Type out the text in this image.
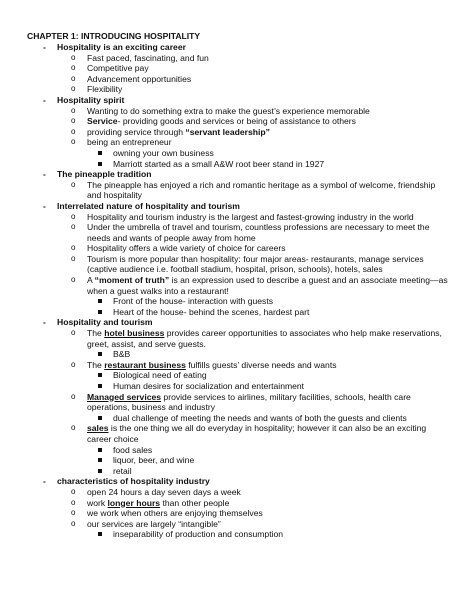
CHAPTER 1: INTRODUCING HOSPITALITY
- Hospitality is an exciting career
o Fast paced, fascinating, and fun
o Competitive pay
o Advancement opportunities
o Flexibility
- Hospitality spirit
o Wanting to do something extra to make the guest’s experience memorable
o Service- providing goods and services or being of assistance to others
o providing service through “servant leadership”
o being an entrepreneur
owning your own business
Marriott started as a small A&W root beer stand in 1927
- The pineapple tradition
o The pineapple has enjoyed a rich and romantic heritage as a symbol of welcome, friendship and hospitality
- Interrelated nature of hospitality and tourism
o Hospitality and tourism industry is the largest and fastest-growing industry in the world
o Under the umbrella of travel and tourism, countless professions are necessary to meet the needs and wants of people away from home
o Hospitality offers a wide variety of choice for careers
o Tourism is more popular than hospitality: four major areas- restaurants, manage services (captive audience i.e. football stadium, hospital, prison, schools), hotels, sales
o A “moment of truth” is an expression used to describe a guest and an associate meeting—as when a guest walks into a restaurant!
Front of the house- interaction with guests
Heart of the house- behind the scenes, hardest part
- Hospitality and tourism
o The hotel business provides career opportunities to associates who help make reservations, greet, assist, and serve guests.
B&B
o The restaurant business fulfills guests’ diverse needs and wants
Biological need of eating
Human desires for socialization and entertainment
o Managed services provide services to airlines, military facilities, schools, health care operations, business and industry
dual challenge of meeting the needs and wants of both the guests and clients
o sales is the one thing we all do everyday in hospitality; however it can also be an exciting career choice
food sales
liquor, beer, and wine
retail
- characteristics of hospitality industry
o open 24 hours a day seven days a week
o work longer hours than other people
o we work when others are enjoying themselves
o our services are largely “intangible”
inseparability of production and consumption
